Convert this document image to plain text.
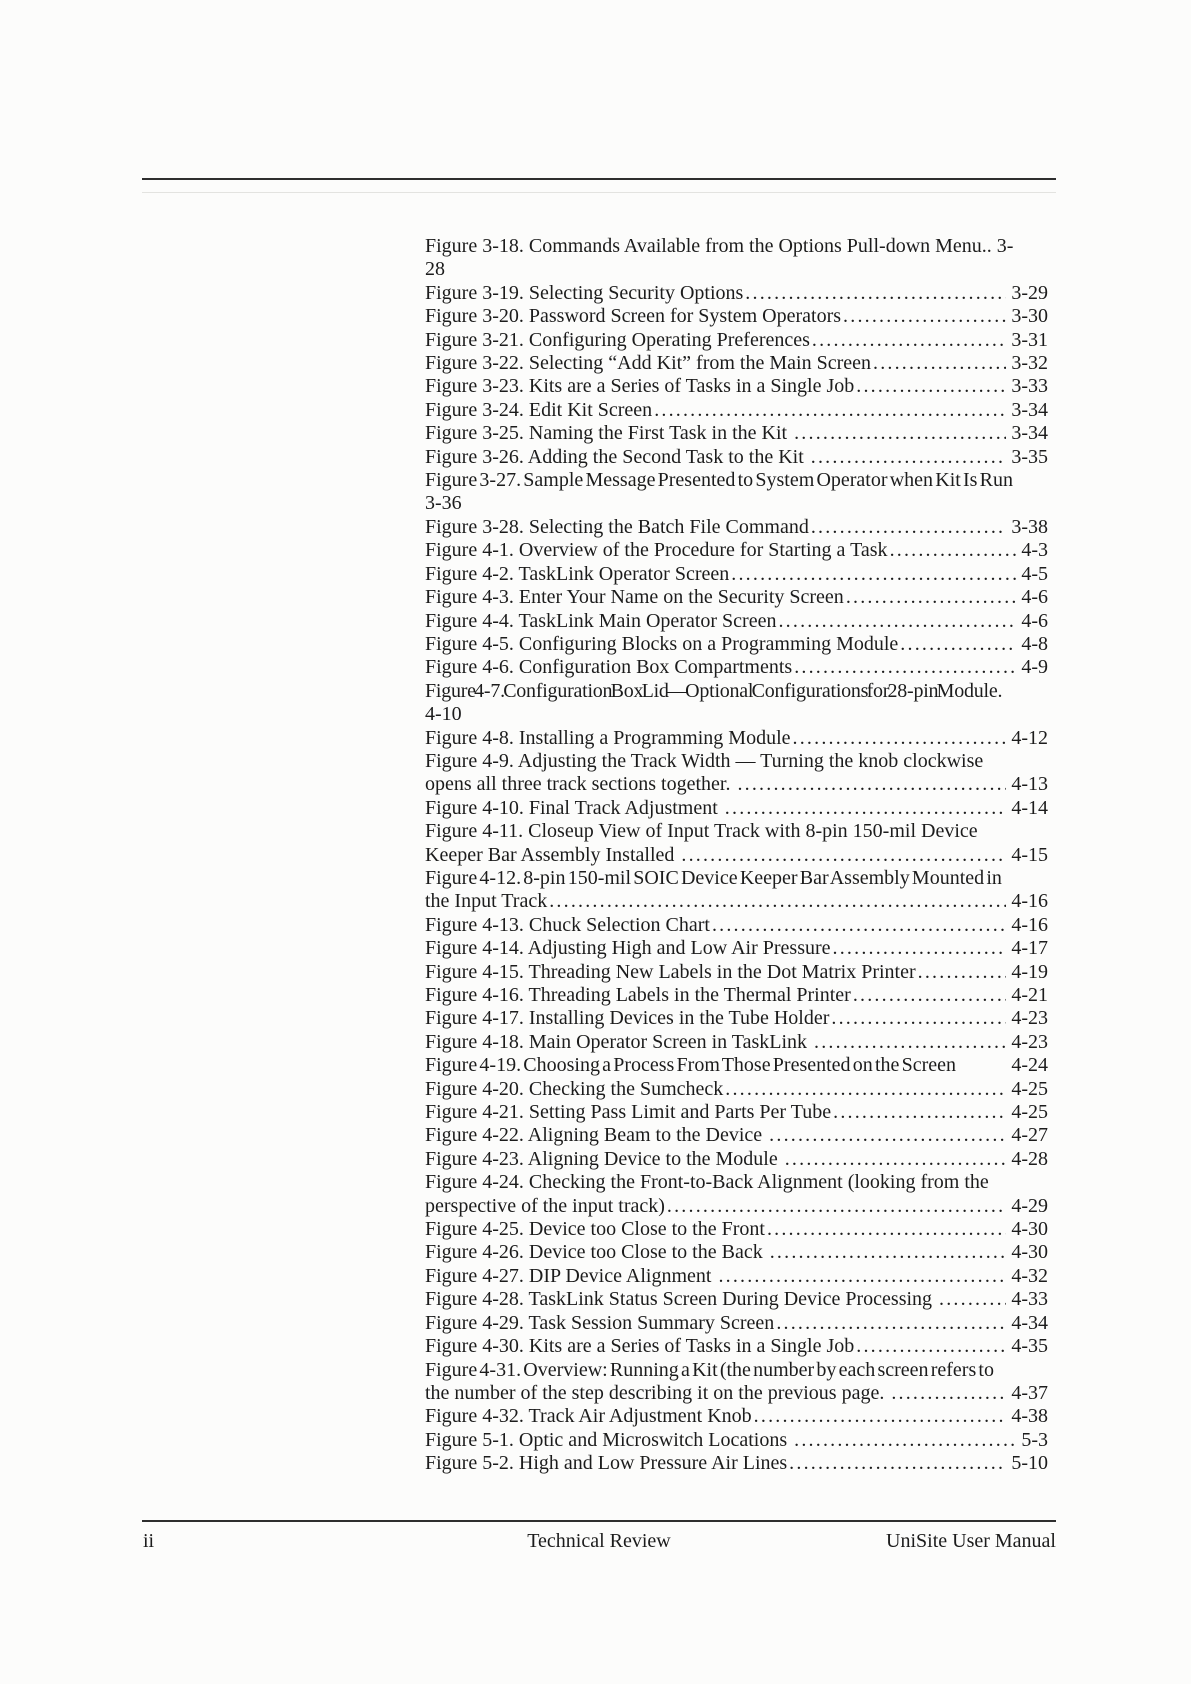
Figure 3-18. Commands Available from the Options Pull-down Menu.. 3-
28
Figure 3-19. Selecting Security Options .....	3-29
Figure 3-20. Password Screen for System Operators .....	3-30
Figure 3-21. Configuring Operating Preferences .....	3-31
Figure 3-22. Selecting “Add Kit” from the Main Screen .....	3-32
Figure 3-23. Kits are a Series of Tasks in a Single Job .....	3-33
Figure 3-24. Edit Kit Screen .....	3-34
Figure 3-25. Naming the First Task in the Kit .....	3-34
Figure 3-26. Adding the Second Task to the Kit .....	3-35
Figure 3-27. Sample Message Presented to System Operator when Kit Is Run
3-36
Figure 3-28. Selecting the Batch File Command .....	3-38
Figure 4-1. Overview of the Procedure for Starting a Task .....	4-3
Figure 4-2. TaskLink Operator Screen .....	4-5
Figure 4-3. Enter Your Name on the Security Screen .....	4-6
Figure 4-4. TaskLink Main Operator Screen .....	4-6
Figure 4-5. Configuring Blocks on a Programming Module .....	4-8
Figure 4-6. Configuration Box Compartments .....	4-9
Figure 4-7. Configuration Box Lid — Optional Configurations for 28-pin Module.
4-10
Figure 4-8. Installing a Programming Module .....	4-12
Figure 4-9. Adjusting the Track Width — Turning the knob clockwise
opens all three track sections together. .....	4-13
Figure 4-10. Final Track Adjustment .....	4-14
Figure 4-11. Closeup View of Input Track with 8-pin 150-mil Device
Keeper Bar Assembly Installed .....	4-15
Figure 4-12. 8-pin 150-mil SOIC Device Keeper Bar Assembly Mounted in
the Input Track .....	4-16
Figure 4-13. Chuck Selection Chart .....	4-16
Figure 4-14. Adjusting High and Low Air Pressure .....	4-17
Figure 4-15. Threading New Labels in the Dot Matrix Printer .....	4-19
Figure 4-16. Threading Labels in the Thermal Printer .....	4-21
Figure 4-17. Installing Devices in the Tube Holder .....	4-23
Figure 4-18. Main Operator Screen in TaskLink .....	4-23
Figure 4-19. Choosing a Process From Those Presented on the Screen	4-24
Figure 4-20. Checking the Sumcheck .....	4-25
Figure 4-21. Setting Pass Limit and Parts Per Tube .....	4-25
Figure 4-22. Aligning Beam to the Device .....	4-27
Figure 4-23. Aligning Device to the Module .....	4-28
Figure 4-24. Checking the Front-to-Back Alignment (looking from the
perspective of the input track) .....	4-29
Figure 4-25. Device too Close to the Front .....	4-30
Figure 4-26. Device too Close to the Back .....	4-30
Figure 4-27. DIP Device Alignment .....	4-32
Figure 4-28. TaskLink Status Screen During Device Processing .....	4-33
Figure 4-29. Task Session Summary Screen .....	4-34
Figure 4-30. Kits are a Series of Tasks in a Single Job .....	4-35
Figure 4-31. Overview: Running a Kit (the number by each screen refers to
the number of the step describing it on the previous page. .....	4-37
Figure 4-32. Track Air Adjustment Knob .....	4-38
Figure 5-1. Optic and Microswitch Locations .....	5-3
Figure 5-2. High and Low Pressure Air Lines .....	5-10
ii	Technical Review	UniSite User Manual
